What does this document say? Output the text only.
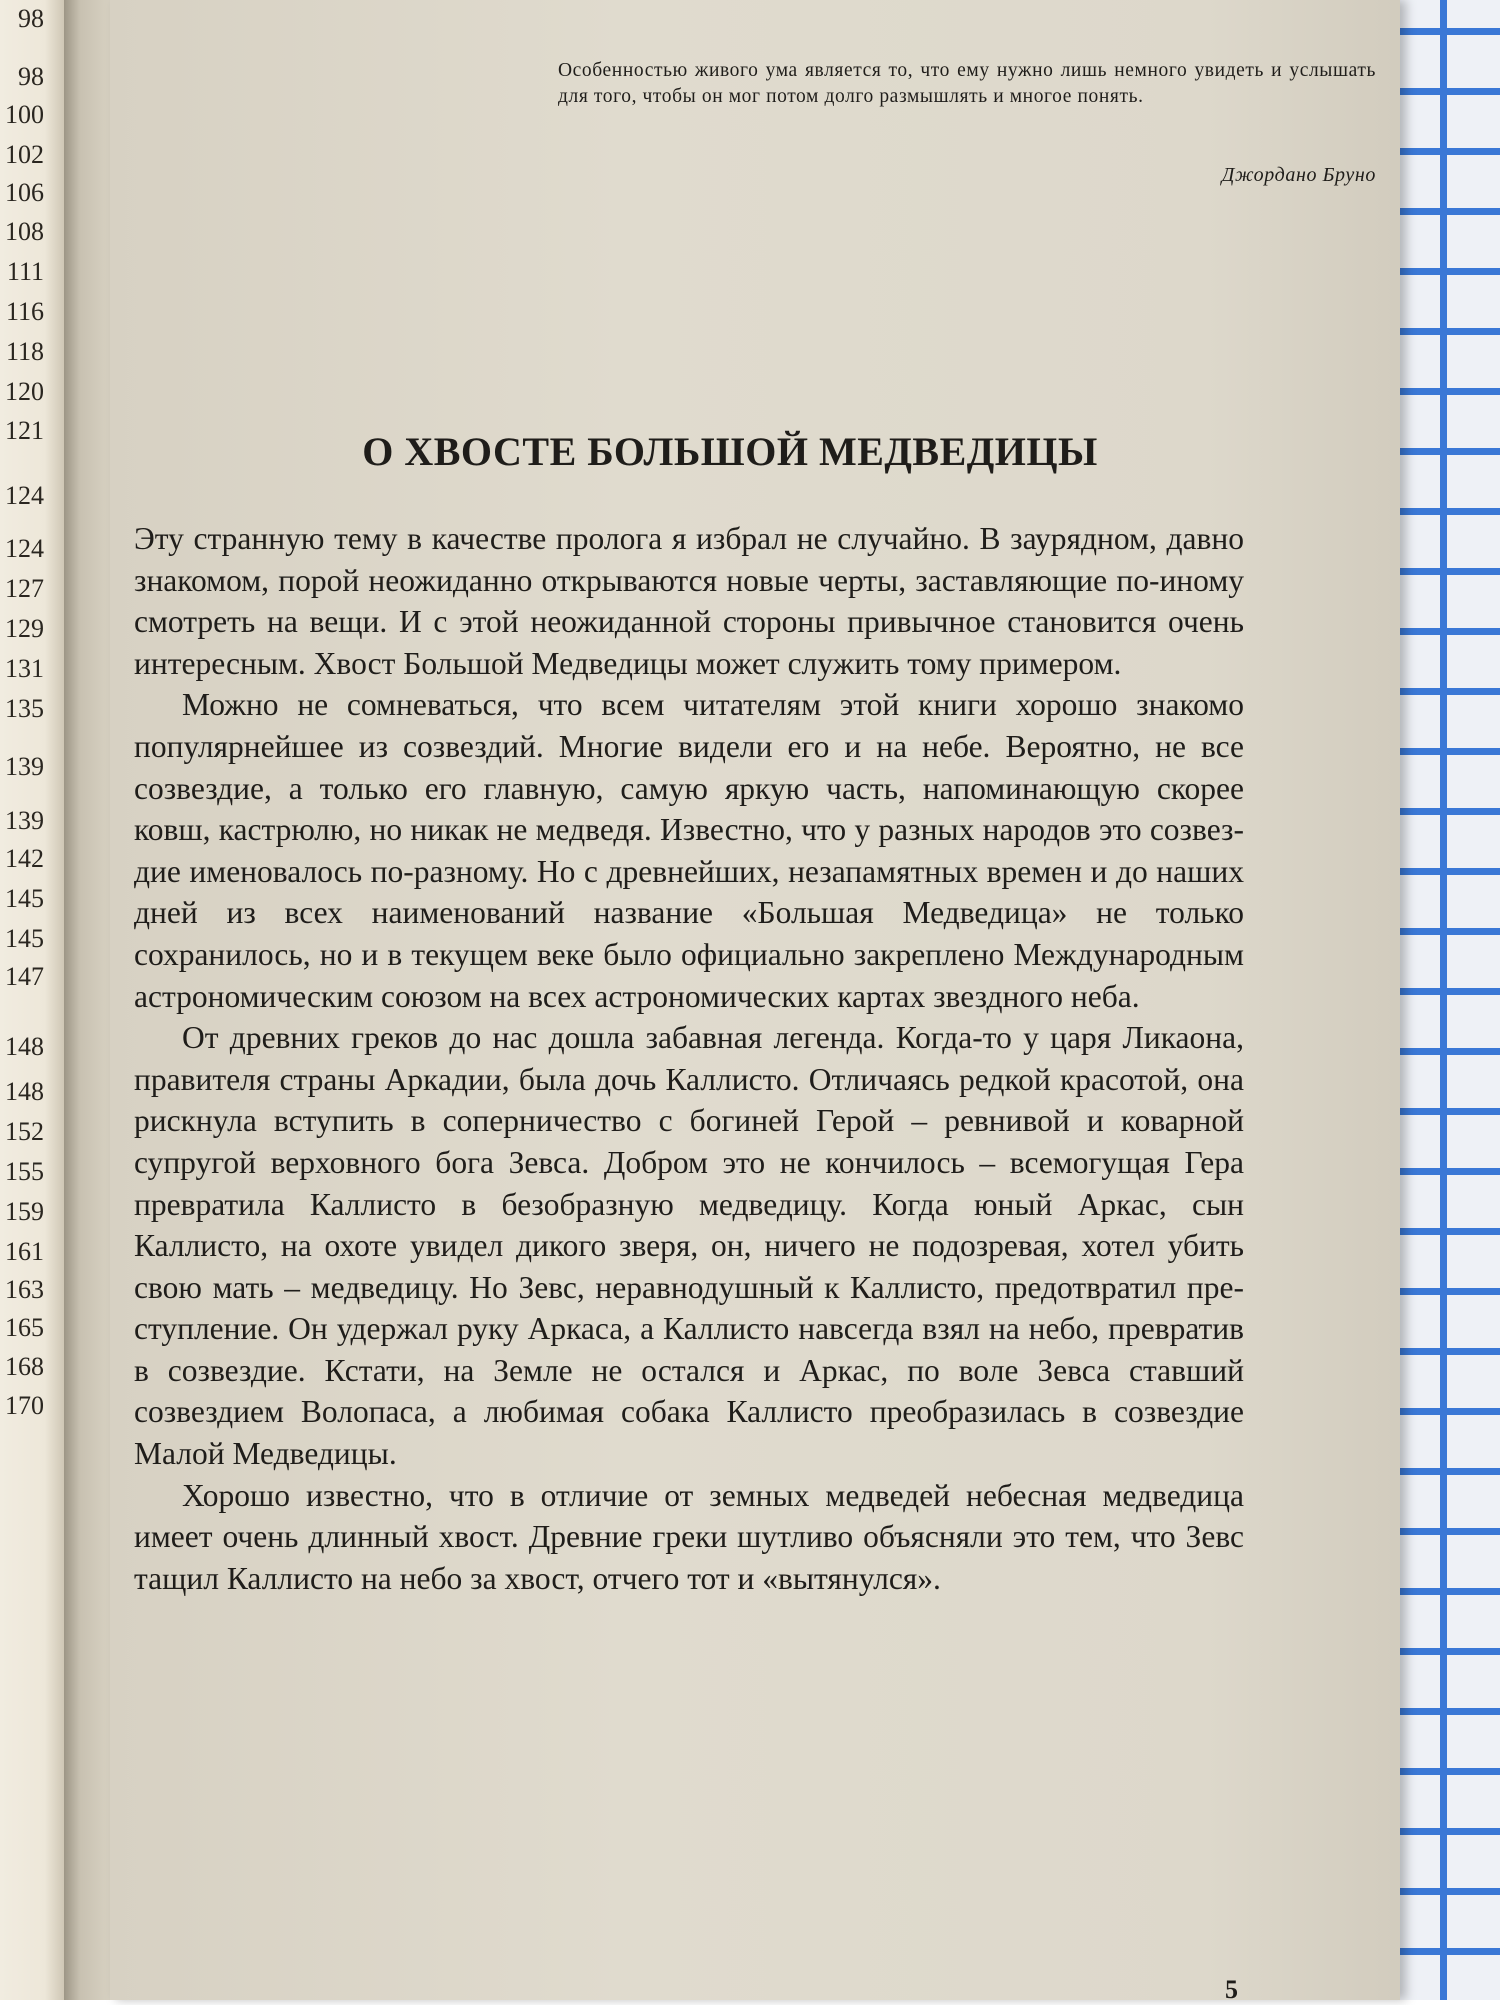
98
98
100
102
106
108
111
116
118
120
121
124
124
127
129
131
135
139
139
142
145
145
147
148
148
152
155
159
161
163
165
168
170
Особенностью живого ума является то, что ему нужно лишь немного увидеть и услышать для того, чтобы он мог потом долго размышлять и многое понять.
Джордано Бруно
О ХВОСТЕ БОЛЬШОЙ МЕДВЕДИЦЫ

Эту странную тему в качестве пролога я избрал не случайно. В заурядном, давно знакомом, порой неожиданно открываются новые черты, заставляющие по-иному смотреть на вещи. И с этой неожиданной стороны привычное становится очень интересным. Хвост Большой Медведицы может служить тому примером.

Можно не сомневаться, что всем читателям этой книги хорошо знакомо популярнейшее из созвездий. Многие видели его и на небе. Вероятно, не все созвездие, а только его главную, самую яркую часть, напоминающую скорее ковш, кастрюлю, но никак не медведя. Известно, что у разных народов это созвездие именовалось по-разному. Но с древнейших, незапамятных времен и до наших дней из всех наименований название «Большая Медведица» не только сохранилось, но и в текущем веке было официально закреплено Международным астрономическим союзом на всех астрономических картах звездного неба.

От древних греков до нас дошла забавная легенда. Когда-то у царя Ликаона, правителя страны Аркадии, была дочь Каллисто. Отличаясь редкой красотой, она рискнула вступить в соперничество с богиней Герой – ревнивой и коварной супругой верховного бога Зевса. Добром это не кончилось – всемогущая Гера превратила Каллисто в безобразную медведицу. Когда юный Аркас, сын Каллисто, на охоте увидел дикого зверя, он, ничего не подозревая, хотел убить свою мать – медведицу. Но Зевс, неравнодушный к Каллисто, предотвратил преступление. Он удержал руку Аркаса, а Каллисто навсегда взял на небо, превратив в созвездие. Кстати, на Земле не остался и Аркас, по воле Зевса ставший созвездием Волопаса, а любимая собака Каллисто преобразилась в созвездие Малой Медведицы.

Хорошо известно, что в отличие от земных медведей небесная медведица имеет очень длинный хвост. Древние греки шутливо объясняли это тем, что Зевс тащил Каллисто на небо за хвост, отчего тот и «вытянулся».

5
